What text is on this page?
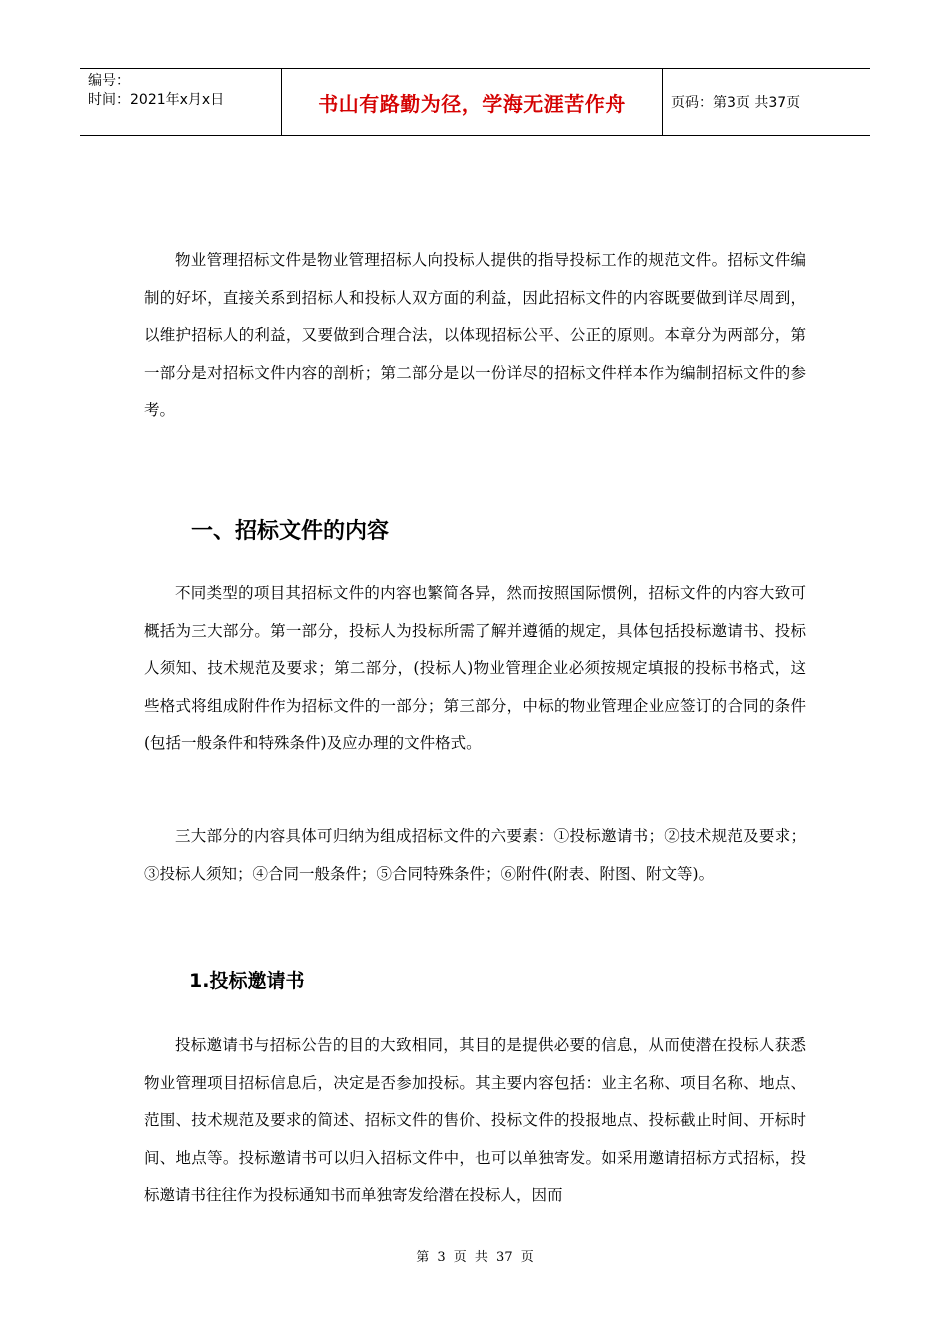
编号：
时间：2021年x月x日	书山有路勤为径，学海无涯苦作舟	页码：第3页 共37页

物业管理招标文件是物业管理招标人向投标人提供的指导投标工作的规范文件。招标文件编制的好坏，直接关系到招标人和投标人双方面的利益，因此招标文件的内容既要做到详尽周到，以维护招标人的利益，又要做到合理合法，以体现招标公平、公正的原则。本章分为两部分，第一部分是对招标文件内容的剖析；第二部分是以一份详尽的招标文件样本作为编制招标文件的参考。

一、招标文件的内容

不同类型的项目其招标文件的内容也繁简各异，然而按照国际惯例，招标文件的内容大致可概括为三大部分。第一部分，投标人为投标所需了解并遵循的规定，具体包括投标邀请书、投标人须知、技术规范及要求；第二部分，(投标人)物业管理企业必须按规定填报的投标书格式，这些格式将组成附件作为招标文件的一部分；第三部分，中标的物业管理企业应签订的合同的条件(包括一般条件和特殊条件)及应办理的文件格式。

三大部分的内容具体可归纳为组成招标文件的六要素：①投标邀请书；②技术规范及要求；③投标人须知；④合同一般条件；⑤合同特殊条件；⑥附件(附表、附图、附文等)。

1.投标邀请书

投标邀请书与招标公告的目的大致相同，其目的是提供必要的信息，从而使潜在投标人获悉物业管理项目招标信息后，决定是否参加投标。其主要内容包括：业主名称、项目名称、地点、范围、技术规范及要求的简述、招标文件的售价、投标文件的投报地点、投标截止时间、开标时间、地点等。投标邀请书可以归入招标文件中，也可以单独寄发。如采用邀请招标方式招标，投标邀请书往往作为投标通知书而单独寄发给潜在投标人，因而

第 3 页 共 37 页
